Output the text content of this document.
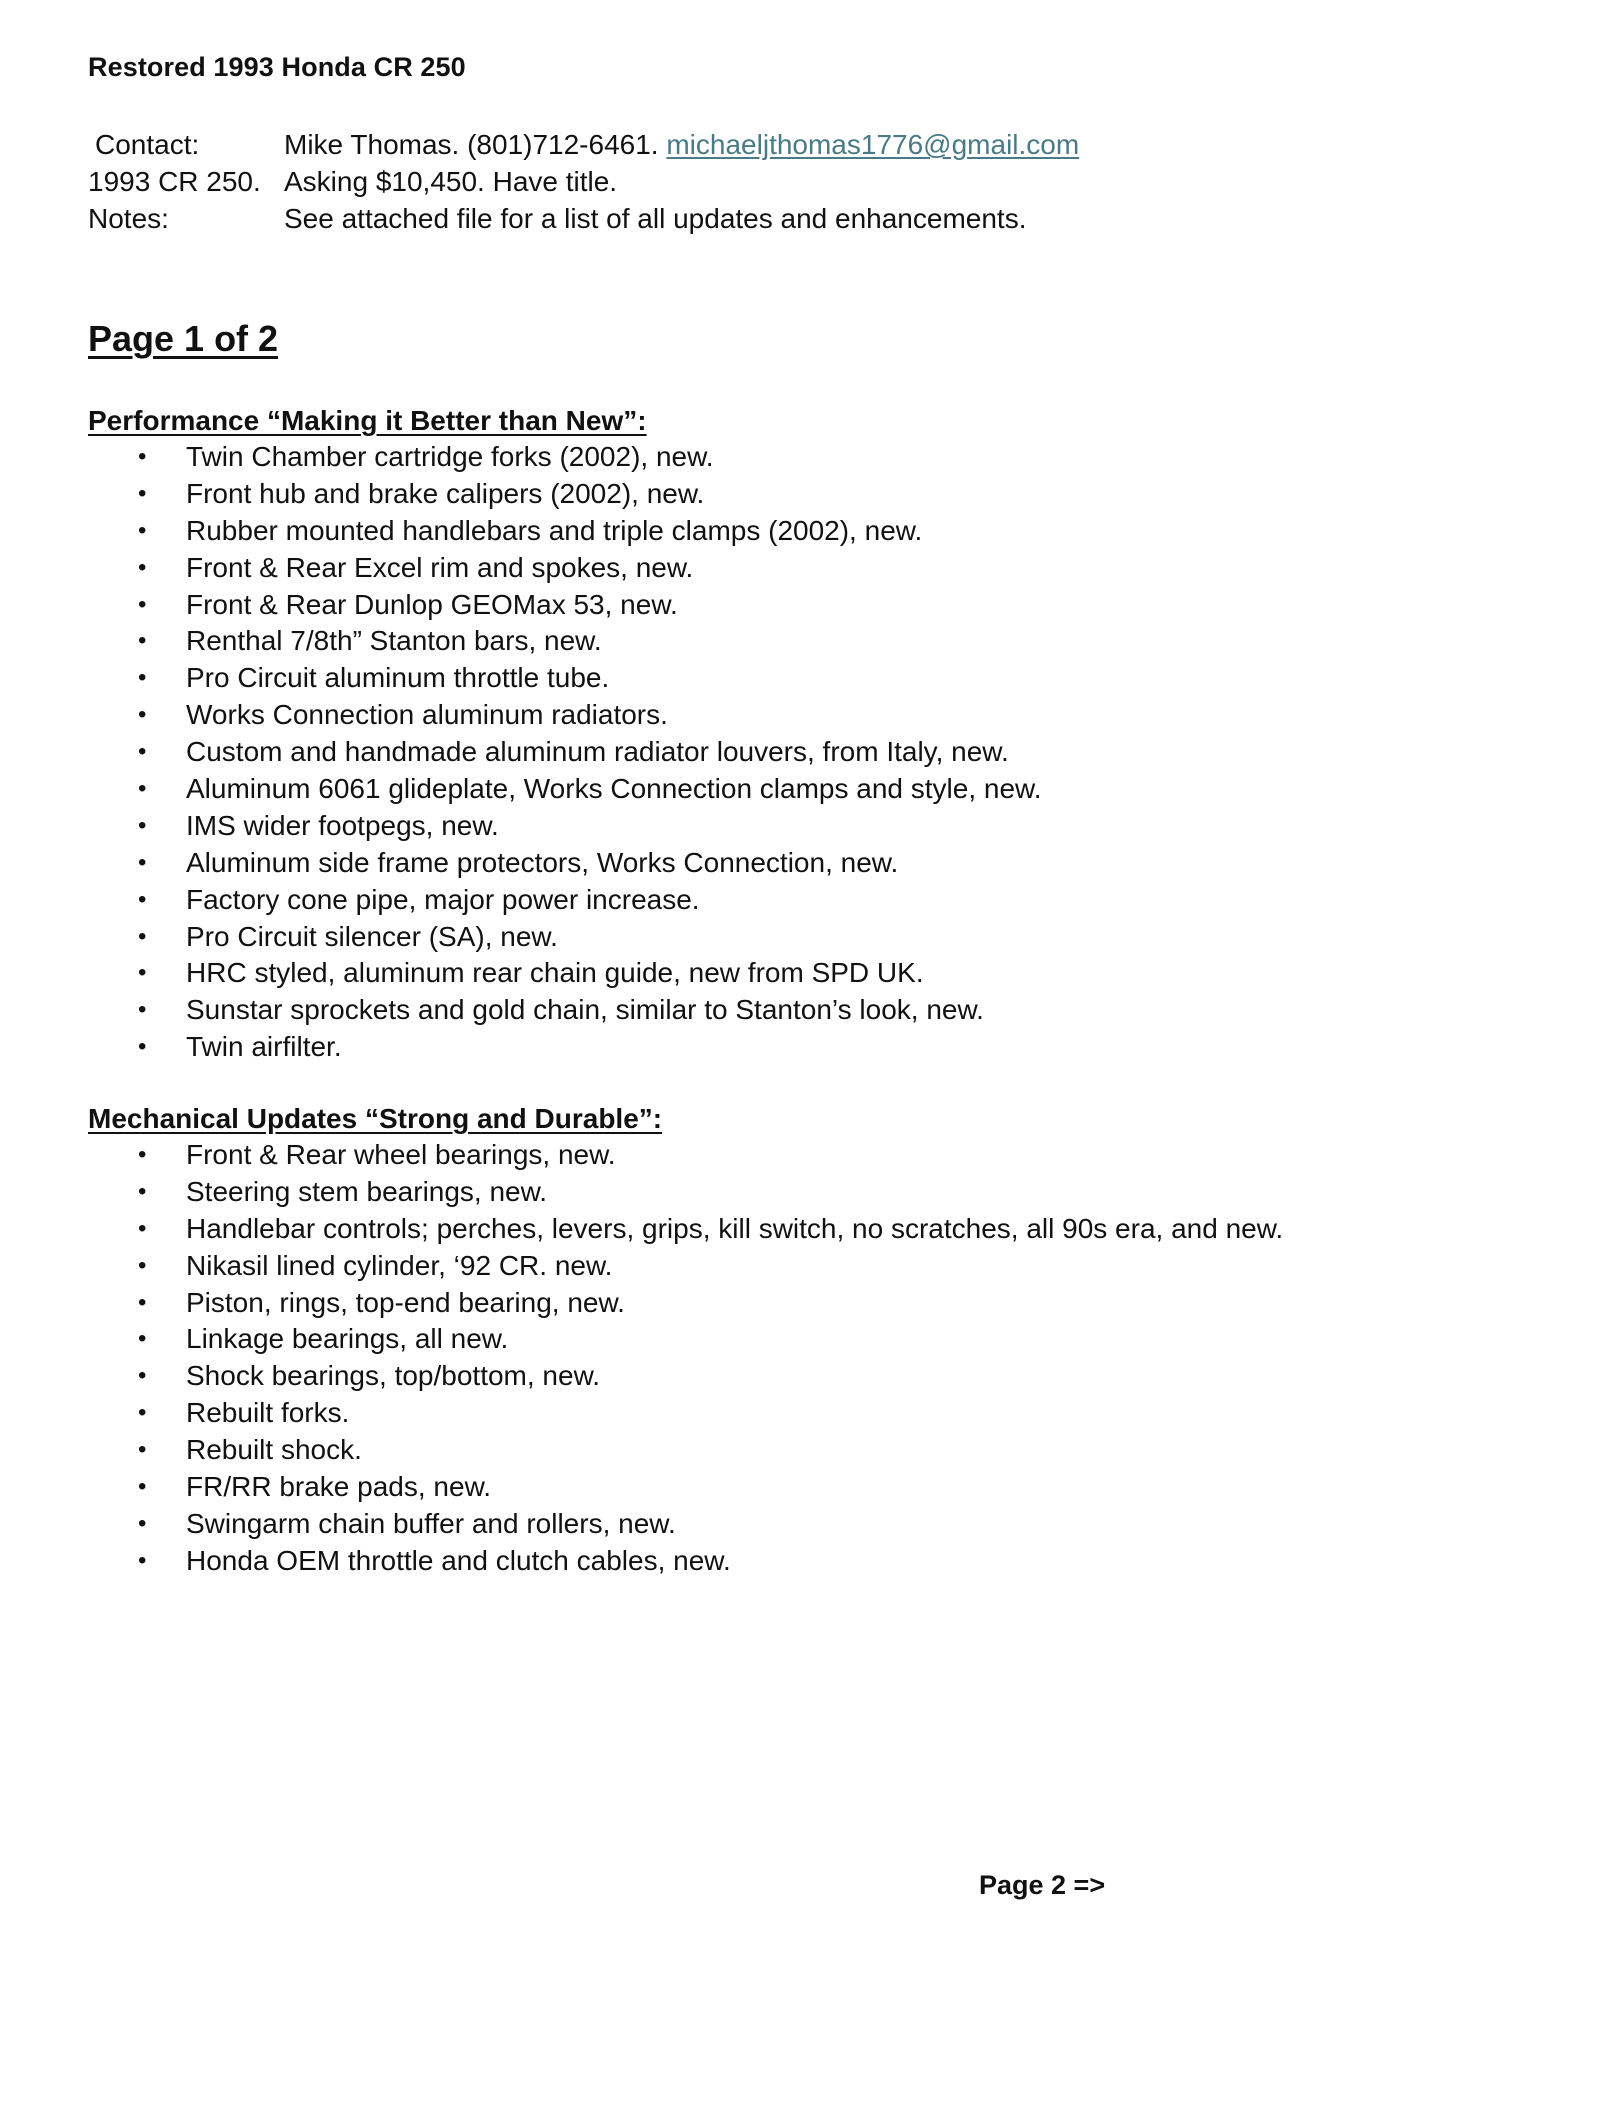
Restored 1993 Honda CR 250
Contact:	Mike Thomas. (801)712-6461. michaeljthomas1776@gmail.com
1993 CR 250. Asking $10,450. Have title.
Notes:	See attached file for a list of all updates and enhancements.
Page 1 of 2
Performance “Making it Better than New”:
• Twin Chamber cartridge forks (2002), new.
• Front hub and brake calipers (2002), new.
• Rubber mounted handlebars and triple clamps (2002), new.
• Front & Rear Excel rim and spokes, new.
• Front & Rear Dunlop GEOMax 53, new.
• Renthal 7/8th” Stanton bars, new.
• Pro Circuit aluminum throttle tube.
• Works Connection aluminum radiators.
• Custom and handmade aluminum radiator louvers, from Italy, new.
• Aluminum 6061 glideplate, Works Connection clamps and style, new.
• IMS wider footpegs, new.
• Aluminum side frame protectors, Works Connection, new.
• Factory cone pipe, major power increase.
• Pro Circuit silencer (SA), new.
• HRC styled, aluminum rear chain guide, new from SPD UK.
• Sunstar sprockets and gold chain, similar to Stanton’s look, new.
• Twin airfilter.
Mechanical Updates “Strong and Durable”:
• Front & Rear wheel bearings, new.
• Steering stem bearings, new.
• Handlebar controls; perches, levers, grips, kill switch, no scratches, all 90s era, and new.
• Nikasil lined cylinder, ‘92 CR. new.
• Piston, rings, top-end bearing, new.
• Linkage bearings, all new.
• Shock bearings, top/bottom, new.
• Rebuilt forks.
• Rebuilt shock.
• FR/RR brake pads, new.
• Swingarm chain buffer and rollers, new.
• Honda OEM throttle and clutch cables, new.
Page 2 =>
